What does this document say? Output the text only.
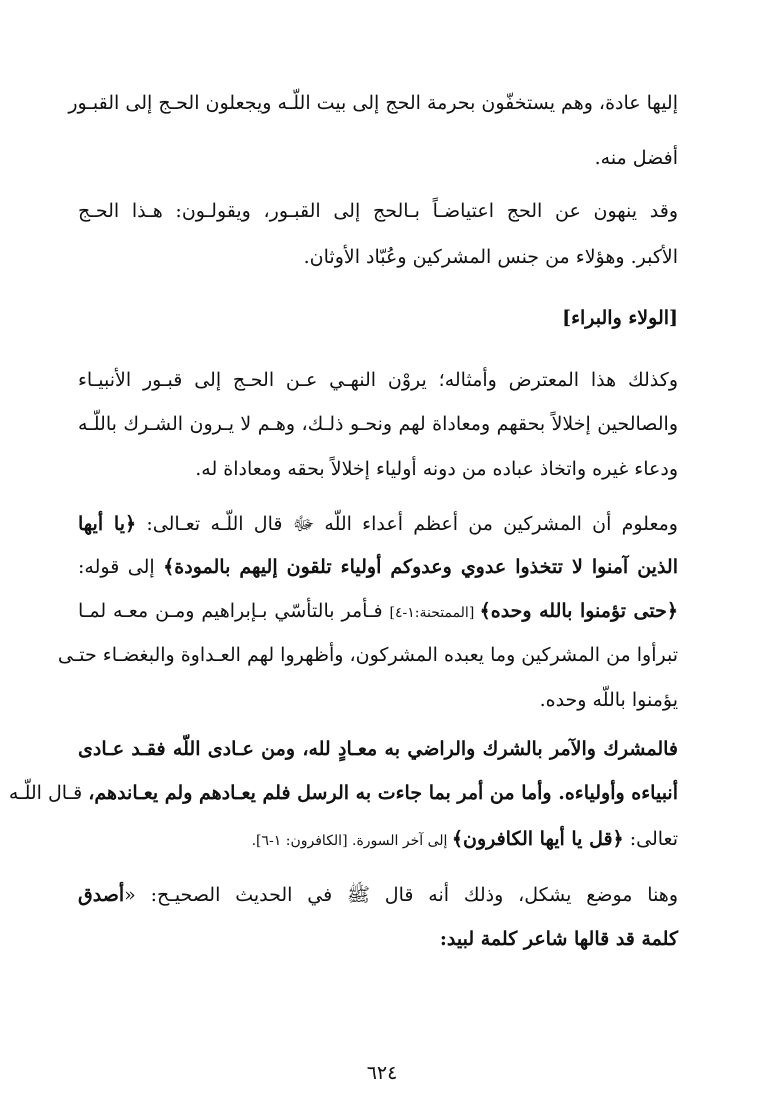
إليها عادة، وهم يستخفّون بحرمة الحج إلى بيت اللّـه ويجعلون الحـج إلى القبـور
أفضل منه.
وقد ينهون عن الحج اعتياضـاً بـالحج إلى القبـور، ويقولـون: هـذا الحـج
الأكبر. وهؤلاء من جنس المشركين وعُبّاد الأوثان.
[الولاء والبراء]
وكذلك هذا المعترض وأمثاله؛ يروْن النهـي عـن الحـج إلى قبـور الأنبيـاء
والصالحين إخلالاً بحقهم ومعاداة لهم ونحـو ذلـك، وهـم لا يـرون الشـرك باللّـه
ودعاء غيره واتخاذ عباده من دونه أولياء إخلالاً بحقه ومعاداة له.
ومعلوم أن المشركين من أعظم أعداء اللّه ﷻ قال اللّـه تعـالى: ﴿يا أيها
الذين آمنوا لا تتخذوا عدوي وعدوكم أولياء تلقون إليهم بالمودة﴾ إلى قوله:
﴿حتى تؤمنوا بالله وحده﴾ [الممتحنة:١-٤] فـأمر بالتأسّي بـإبراهيم ومـن معـه لمـا
تبرأوا من المشركين وما يعبده المشركون، وأظهروا لهم العـداوة والبغضـاء حتـى
يؤمنوا باللّه وحده.
فالمشرك والآمر بالشرك والراضي به معـادٍ لله، ومن عـادى اللّه فقـد عـادى
أنبياءه وأولياءه. وأما من أمر بما جاءت به الرسل فلم يعـادهم ولم يعـاندهم، قـال اللّـه
تعالى: ﴿قل يا أيها الكافرون﴾ إلى آخر السورة. [الكافرون: ١-٦].
وهنا موضع يشكل، وذلك أنه قال ﷺ في الحديث الصحيـح: «أصدق
كلمة قد قالها شاعر كلمة لبيد:
٦٢٤
